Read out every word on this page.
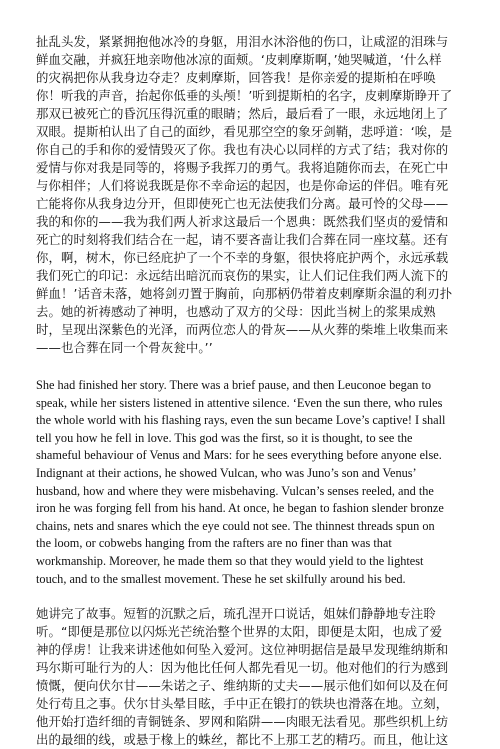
扯乱头发，紧紧拥抱他冰冷的身躯，用泪水沐浴他的伤口，让咸涩的泪珠与
鲜血交融，并疯狂地亲吻他冰凉的面颊。‘皮剌摩斯啊，’她哭喊道，‘什么样
的灾祸把你从我身边夺走？皮剌摩斯，回答我！是你亲爱的提斯柏在呼唤
你！听我的声音，抬起你低垂的头颅！’听到提斯柏的名字，皮剌摩斯睁开了
那双已被死亡的昏沉压得沉重的眼睛；然后，最后看了一眼，永远地闭上了
双眼。提斯柏认出了自己的面纱，看见那空空的象牙剑鞘，悲呼道：‘唉，是
你自己的手和你的爱情毁灭了你。我也有决心以同样的方式了结；我对你的
爱情与你对我是同等的，将赐予我挥刀的勇气。我将追随你而去，在死亡中
与你相伴；人们将说我既是你不幸命运的起因，也是你命运的伴侣。唯有死
亡能将你从我身边分开，但即使死亡也无法使我们分离。最可怜的父母——
我的和你的——我为我们两人祈求这最后一个恩典：既然我们坚贞的爱情和
死亡的时刻将我们结合在一起，请不要吝啬让我们合葬在同一座坟墓。还有
你，啊，树木，你已经庇护了一个不幸的身躯，很快将庇护两个，永远承载
我们死亡的印记：永远结出暗沉而哀伤的果实，让人们记住我们两人流下的
鲜血！’话音未落，她将剑刃置于胸前，向那柄仍带着皮剌摩斯余温的利刃扑
去。她的祈祷感动了神明，也感动了双方的父母：因此当树上的浆果成熟
时，呈现出深紫色的光泽，而两位恋人的骨灰——从火葬的柴堆上收集而来
——也合葬在同一个骨灰瓮中。’’
She had finished her story. There was a brief pause, and then Leuconoe began to
speak, while her sisters listened in attentive silence. ‘Even the sun there, who rules
the whole world with his flashing rays, even the sun became Love’s captive! I shall
tell you how he fell in love. This god was the first, so it is thought, to see the
shameful behaviour of Venus and Mars: for he sees everything before anyone else.
Indignant at their actions, he showed Vulcan, who was Juno’s son and Venus’
husband, how and where they were misbehaving. Vulcan’s senses reeled, and the
iron he was forging fell from his hand. At once, he began to fashion slender bronze
chains, nets and snares which the eye could not see. The thinnest threads spun on
the loom, or cobwebs hanging from the rafters are no finer than was that
workmanship. Moreover, he made them so that they would yield to the lightest
touch, and to the smallest movement. These he set skilfully around his bed.
她讲完了故事。短暂的沉默之后，琉孔涅开口说话，姐妹们静静地专注聆
听。“即便是那位以闪烁光芒统治整个世界的太阳，即便是太阳，也成了爱
神的俘虏！让我来讲述他如何坠入爱河。这位神明据信是最早发现维纳斯和
玛尔斯可耻行为的人：因为他比任何人都先看见一切。他对他们的行为感到
愤慨，便向伏尔甘——朱诺之子、维纳斯的丈夫——展示他们如何以及在何
处行苟且之事。伏尔甘头晕目眩，手中正在锻打的铁块也滑落在地。立刻，
他开始打造纤细的青铜链条、罗网和陷阱——肉眼无法看见。那些织机上纺
出的最细的线，或悬于椽上的蛛丝，都比不上那工艺的精巧。而且，他让这
